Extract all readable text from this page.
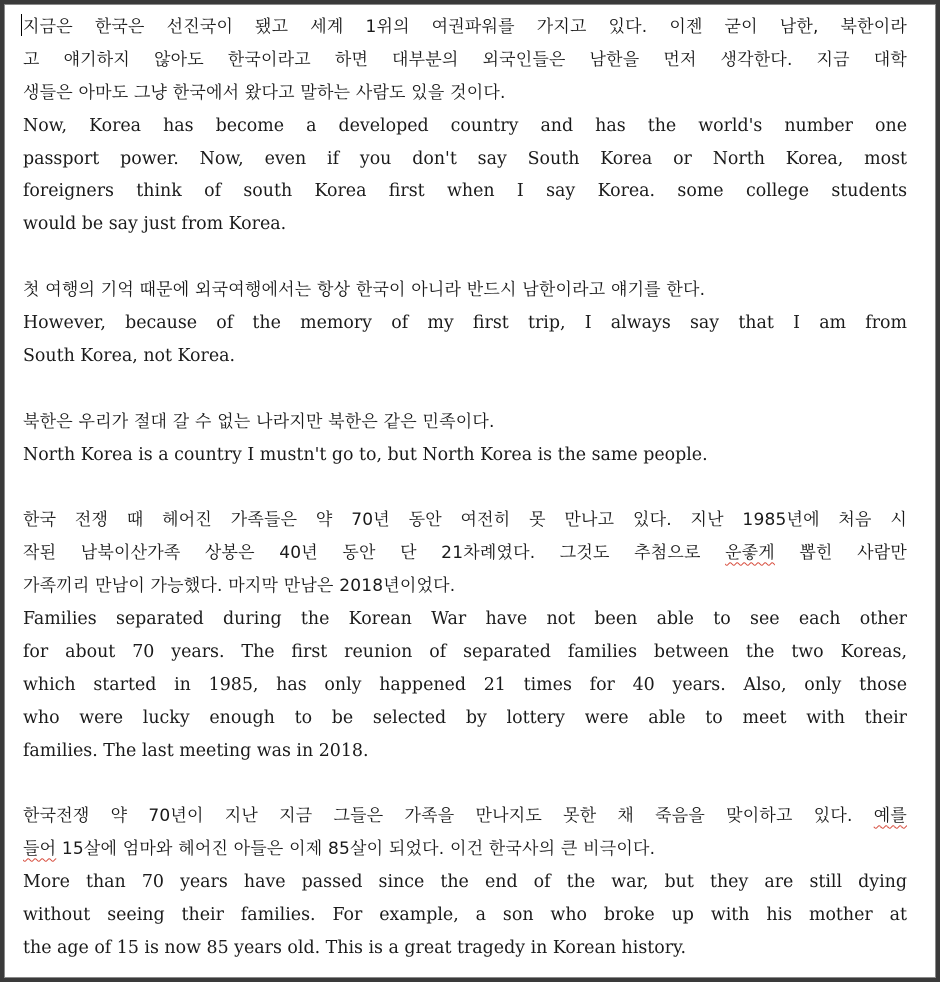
지금은 한국은 선진국이 됐고 세계 1위의 여권파워를 가지고 있다. 이젠 굳이 남한, 북한이라
고 얘기하지 않아도 한국이라고 하면 대부분의 외국인들은 남한을 먼저 생각한다. 지금 대학
생들은 아마도 그냥 한국에서 왔다고 말하는 사람도 있을 것이다.
Now, Korea has become a developed country and has the world's number one
passport power. Now, even if you don't say South Korea or North Korea, most
foreigners think of south Korea first when I say Korea. some college students
would be say just from Korea.
첫 여행의 기억 때문에 외국여행에서는 항상 한국이 아니라 반드시 남한이라고 얘기를 한다.
However, because of the memory of my first trip, I always say that I am from
South Korea, not Korea.
북한은 우리가 절대 갈 수 없는 나라지만 북한은 같은 민족이다.
North Korea is a country I mustn't go to, but North Korea is the same people.
한국 전쟁 때 헤어진 가족들은 약 70년 동안 여전히 못 만나고 있다. 지난 1985년에 처음 시
작된 남북이산가족 상봉은 40년 동안 단 21차례였다. 그것도 추첨으로 운좋게 뽑힌 사람만
가족끼리 만남이 가능했다. 마지막 만남은 2018년이었다.
Families separated during the Korean War have not been able to see each other
for about 70 years. The first reunion of separated families between the two Koreas,
which started in 1985, has only happened 21 times for 40 years. Also, only those
who were lucky enough to be selected by lottery were able to meet with their
families. The last meeting was in 2018.
한국전쟁 약 70년이 지난 지금 그들은 가족을 만나지도 못한 채 죽음을 맞이하고 있다. 예를
들어 15살에 엄마와 헤어진 아들은 이제 85살이 되었다. 이건 한국사의 큰 비극이다.
More than 70 years have passed since the end of the war, but they are still dying
without seeing their families. For example, a son who broke up with his mother at
the age of 15 is now 85 years old. This is a great tragedy in Korean history.
